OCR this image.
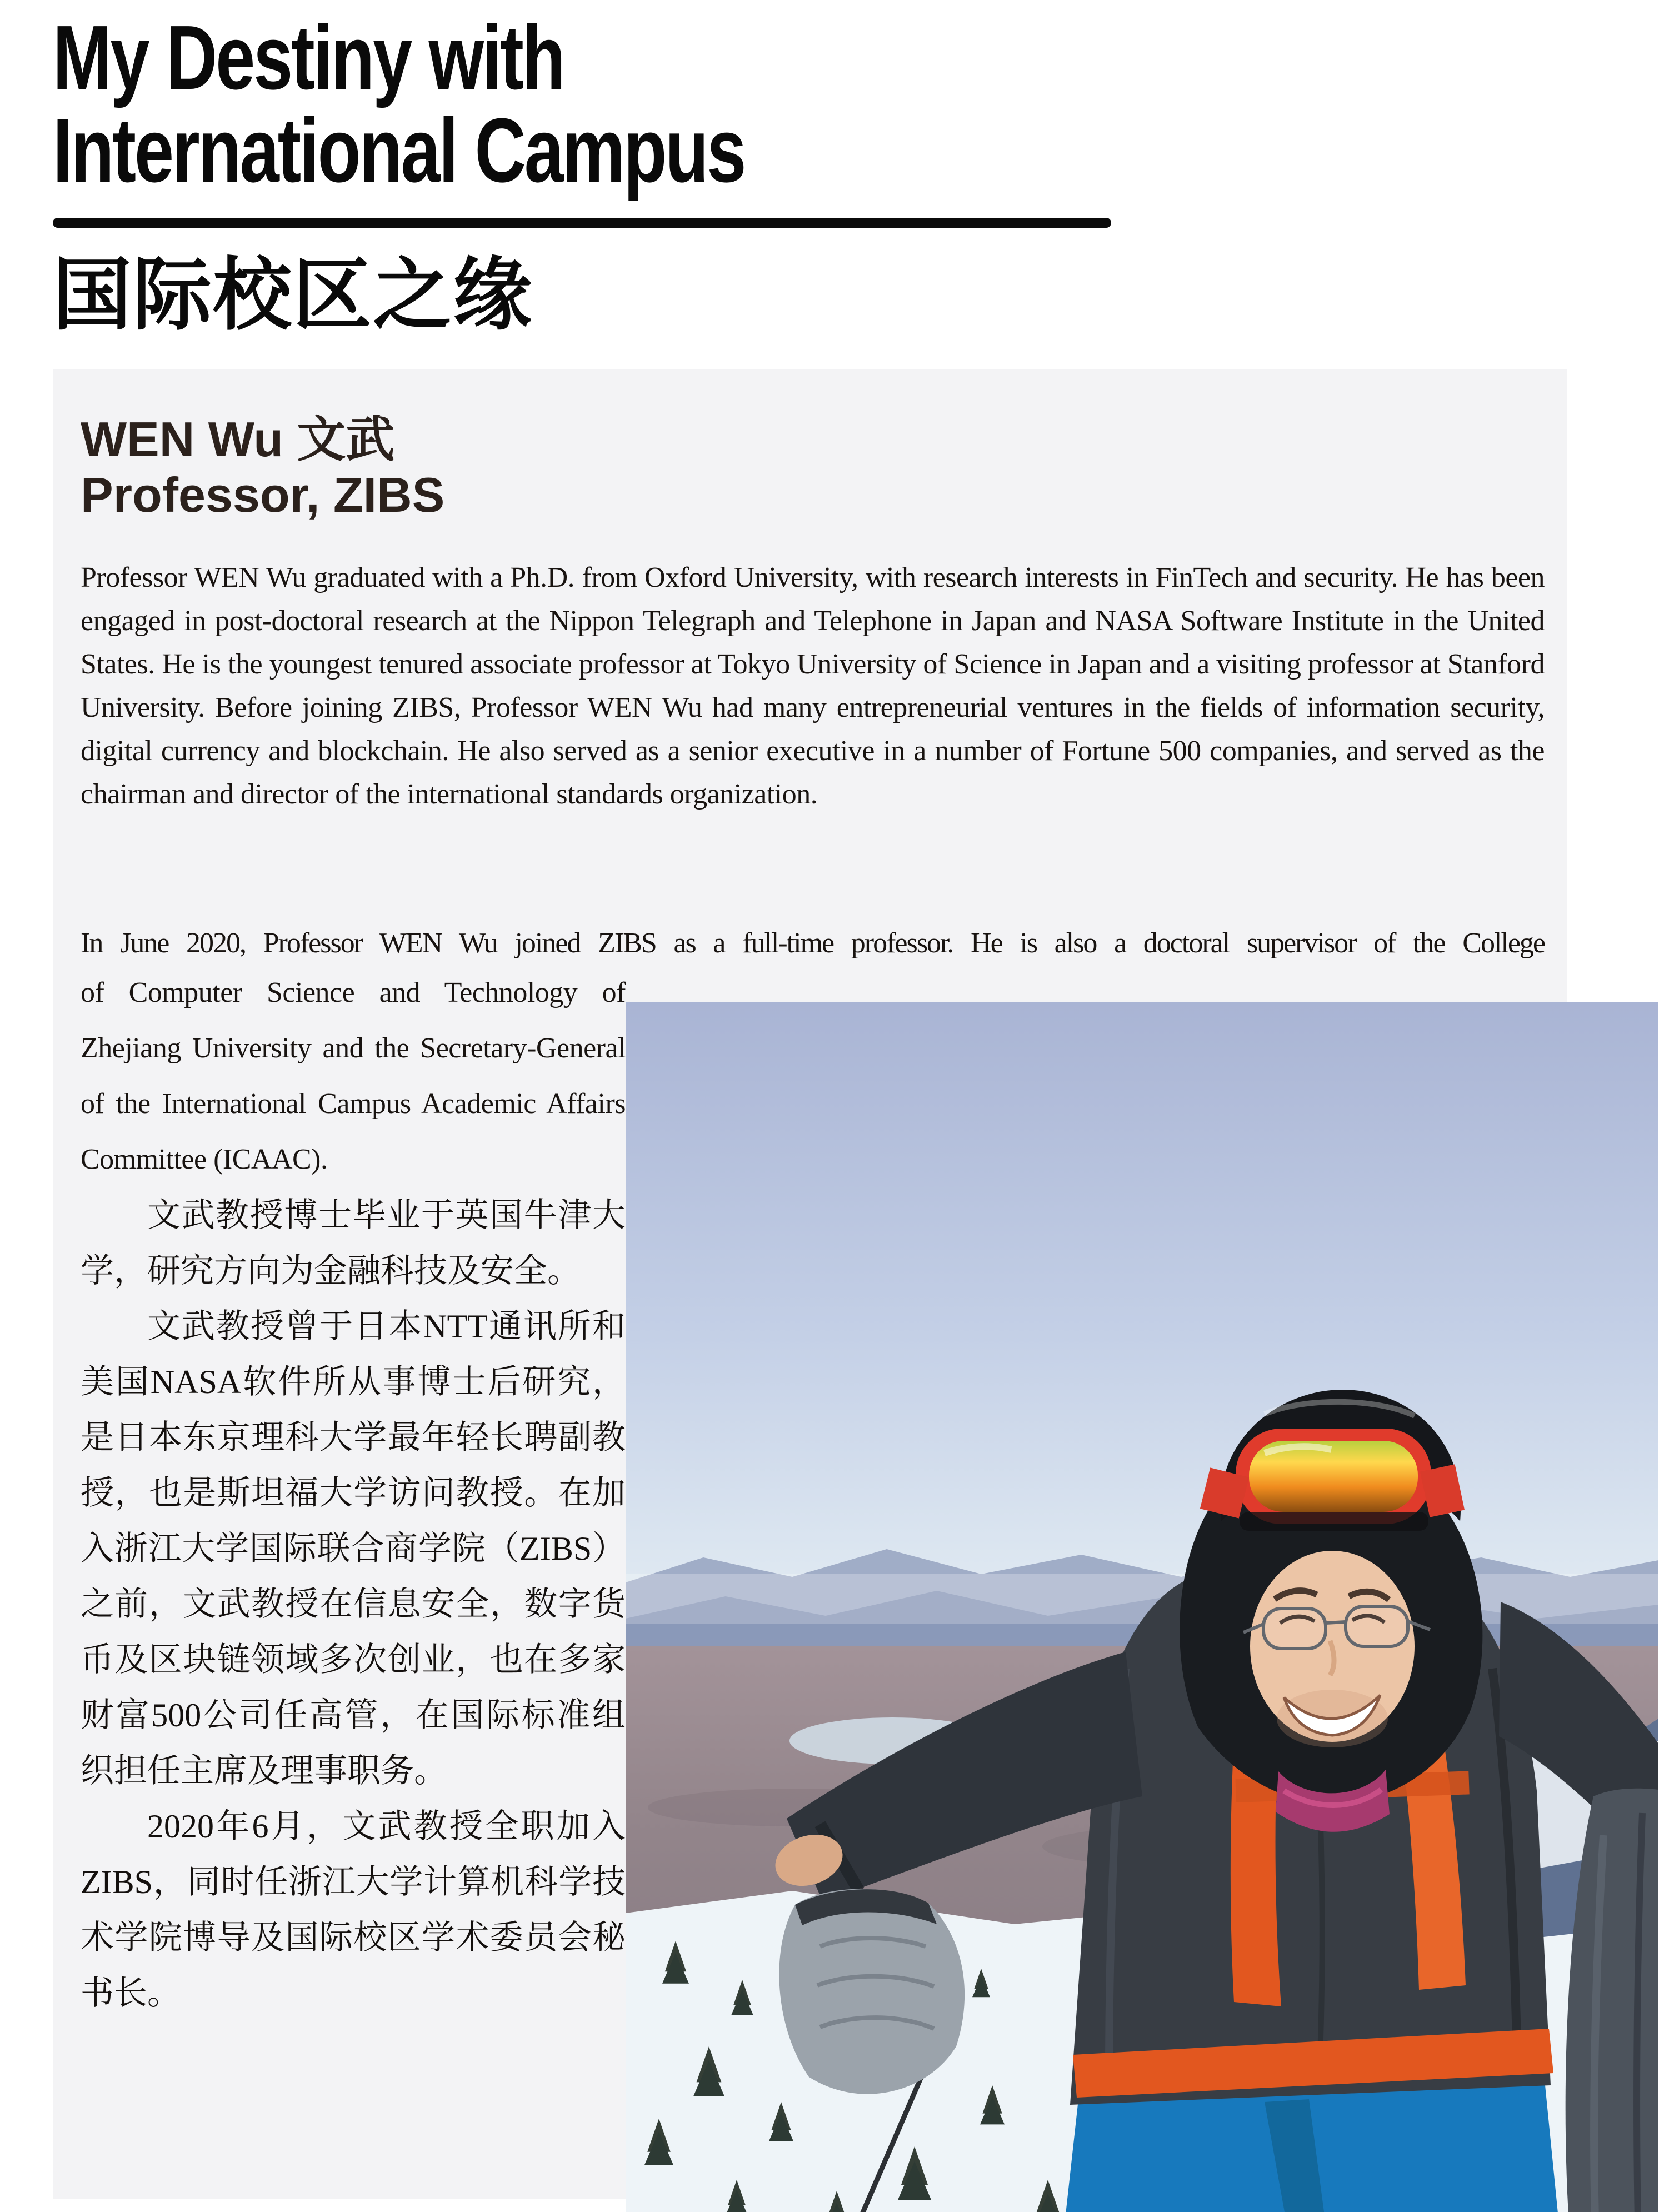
My Destiny with
International Campus
国际校区之缘

WEN Wu 文武

Professor, ZIBS

Professor WEN Wu graduated with a Ph.D. from Oxford University, with research interests in FinTech and security. He has been engaged in post-doctoral research at the Nippon Telegraph and Telephone in Japan and NASA Software Institute in the United States. He is the youngest tenured associate professor at Tokyo University of Science in Japan and a visiting professor at Stanford University. Before joining ZIBS, Professor WEN Wu had many entrepreneurial ventures in the fields of information security, digital currency and blockchain. He also served as a senior executive in a number of Fortune 500 companies, and served as the chairman and director of the international standards organization.

In June 2020, Professor WEN Wu joined ZIBS as a full-time professor. He is also a doctoral supervisor of the College

of Computer Science and Technology of Zhejiang University and the Secretary-General of the International Campus Academic Affairs Committee (ICAAC).

文武教授博士毕业于英国牛津大学，研究方向为金融科技及安全。

文武教授曾于日本NTT通讯所和美国NASA软件所从事博士后研究，是日本东京理科大学最年轻长聘副教授，也是斯坦福大学访问教授。在加入浙江大学国际联合商学院（ZIBS）之前，文武教授在信息安全，数字货币及区块链领域多次创业，也在多家财富500公司任高管，在国际标准组织担任主席及理事职务。

2020年6月，文武教授全职加入ZIBS，同时任浙江大学计算机科学技术学院博导及国际校区学术委员会秘书长。
